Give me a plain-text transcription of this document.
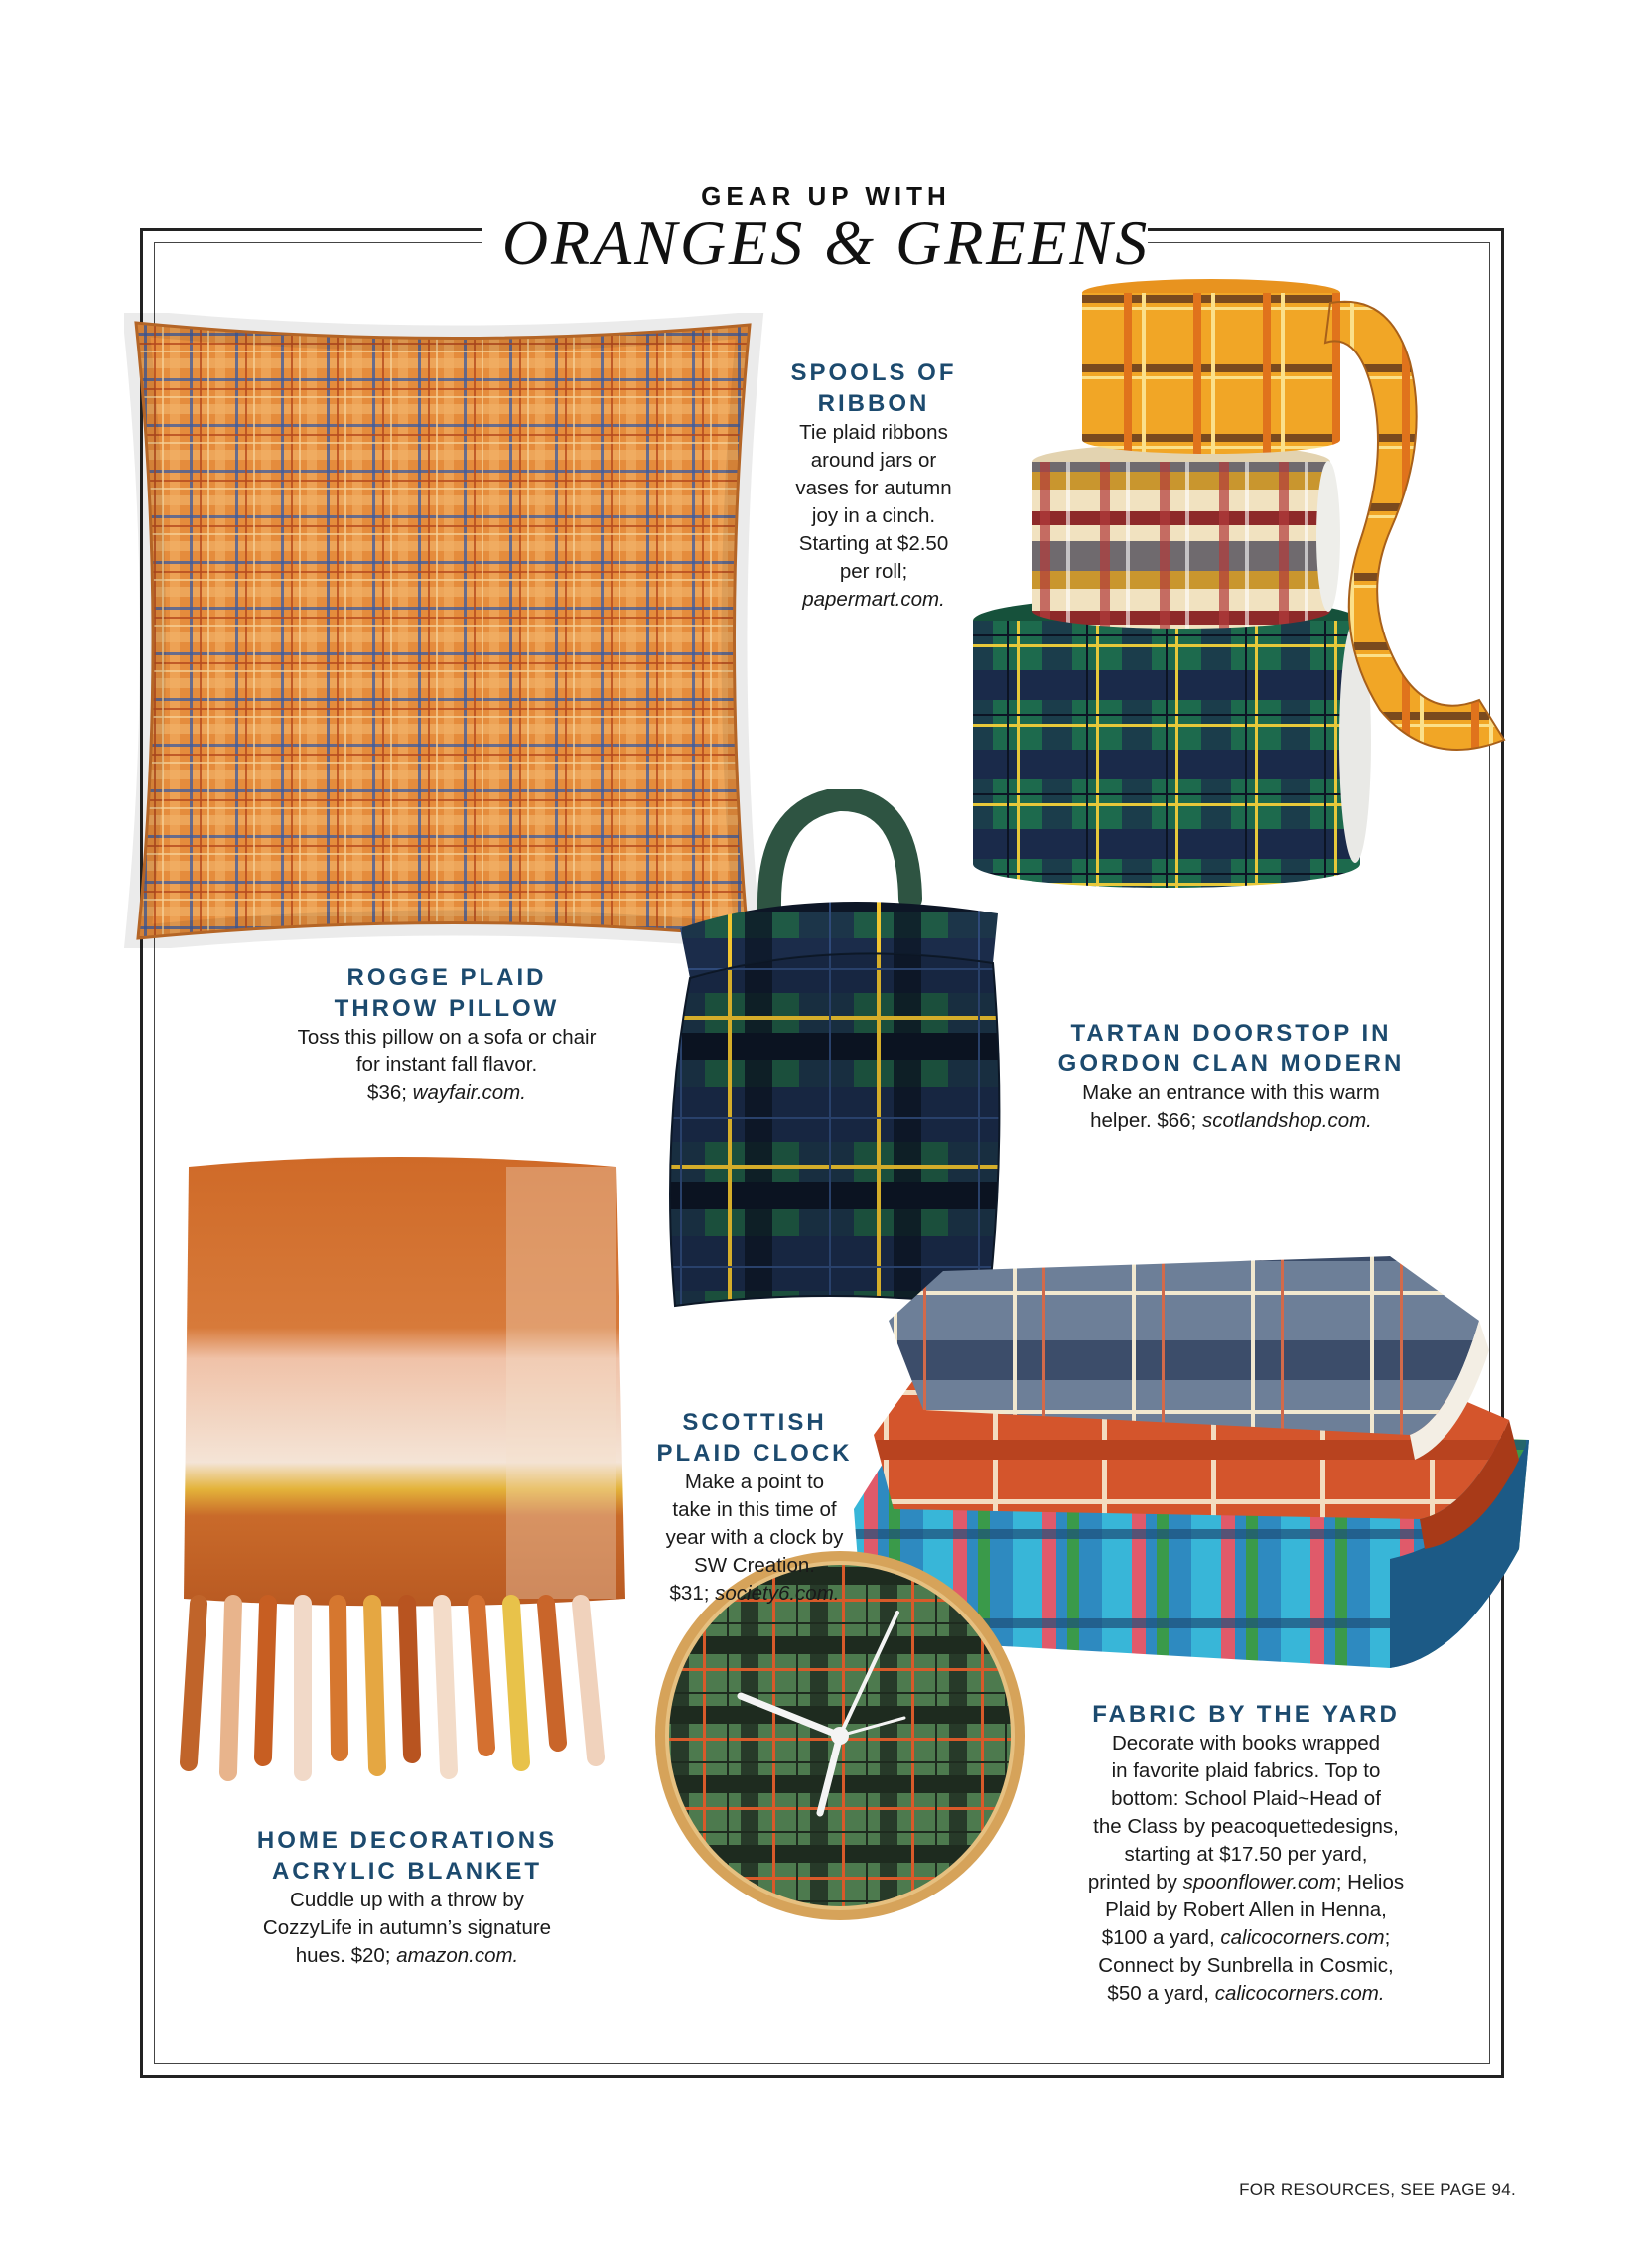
GEAR UP WITH
ORANGES & GREENS
SPOOLS OF
RIBBON
Tie plaid ribbons
around jars or
vases for autumn
joy in a cinch.
Starting at $2.50
per roll;
papermart.com.
ROGGE PLAID
THROW PILLOW
Toss this pillow on a sofa or chair
for instant fall flavor.
$36; wayfair.com.
TARTAN DOORSTOP IN
GORDON CLAN MODERN
Make an entrance with this warm
helper. $66; scotlandshop.com.
SCOTTISH
PLAID CLOCK
Make a point to
take in this time of
year with a clock by
SW Creation.
$31; society6.com.
HOME DECORATIONS
ACRYLIC BLANKET
Cuddle up with a throw by
CozzyLife in autumn’s signature
hues. $20; amazon.com.
FABRIC BY THE YARD
Decorate with books wrapped
in favorite plaid fabrics. Top to
bottom: School Plaid~Head of
the Class by peacoquettedesigns,
starting at $17.50 per yard,
printed by spoonflower.com; Helios
Plaid by Robert Allen in Henna,
$100 a yard, calicocorners.com;
Connect by Sunbrella in Cosmic,
$50 a yard, calicocorners.com.
FOR RESOURCES, SEE PAGE 94.
